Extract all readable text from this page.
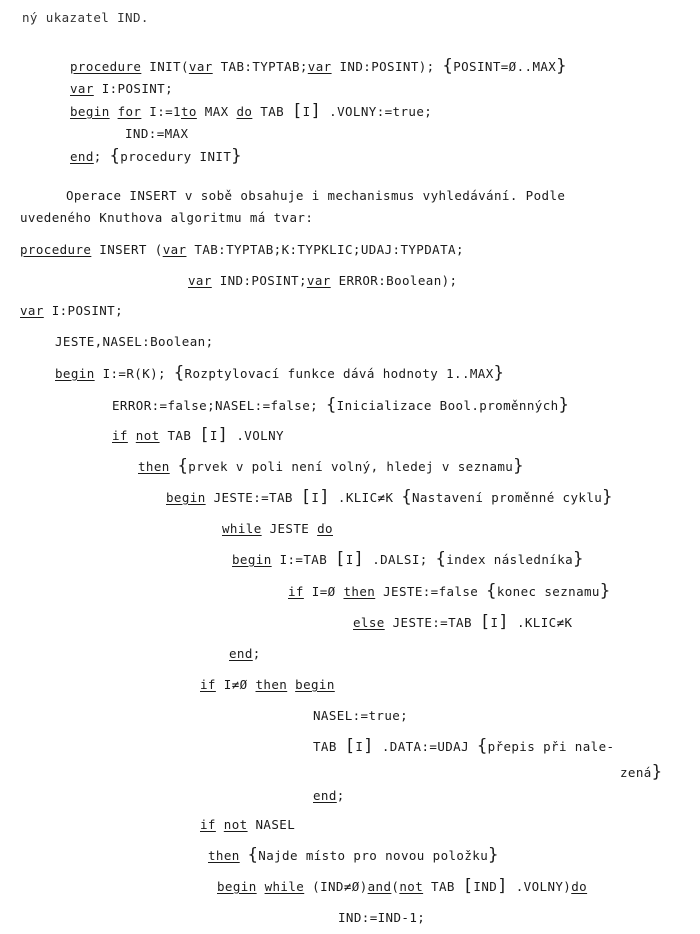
ný ukazatel IND.
procedure INIT(var TAB:TYPTAB;var IND:POSINT); {POSINT=Ø..MAX}
var I:POSINT;
begin for I:=1to MAX do TAB [I] .VOLNY:=true;
IND:=MAX
end; {procedury INIT}
Operace INSERT v sobě obsahuje i mechanismus vyhledávání. Podle
uvedeného Knuthova algoritmu má tvar:
procedure INSERT (var TAB:TYPTAB;K:TYPKLIC;UDAJ:TYPDATA;
var IND:POSINT;var ERROR:Boolean);
var I:POSINT;
JESTE,NASEL:Boolean;
begin I:=R(K); {Rozptylovací funkce dává hodnoty 1..MAX}
ERROR:=false;NASEL:=false; {Inicializace Bool.proměnných}
if not TAB [I] .VOLNY
then {prvek v poli není volný, hledej v seznamu}
begin JESTE:=TAB [I] .KLIC≠K {Nastavení proměnné cyklu}
while JESTE do
begin I:=TAB [I] .DALSI; {index následníka}
if I=Ø then JESTE:=false {konec seznamu}
else JESTE:=TAB [I] .KLIC≠K
end;
if I≠Ø then begin
NASEL:=true;
TAB [I] .DATA:=UDAJ {přepis při nale-
zená}
end;
if not NASEL
then {Najde místo pro novou položku}
begin while (IND≠Ø)and(not TAB [IND] .VOLNY)do
IND:=IND-1;
